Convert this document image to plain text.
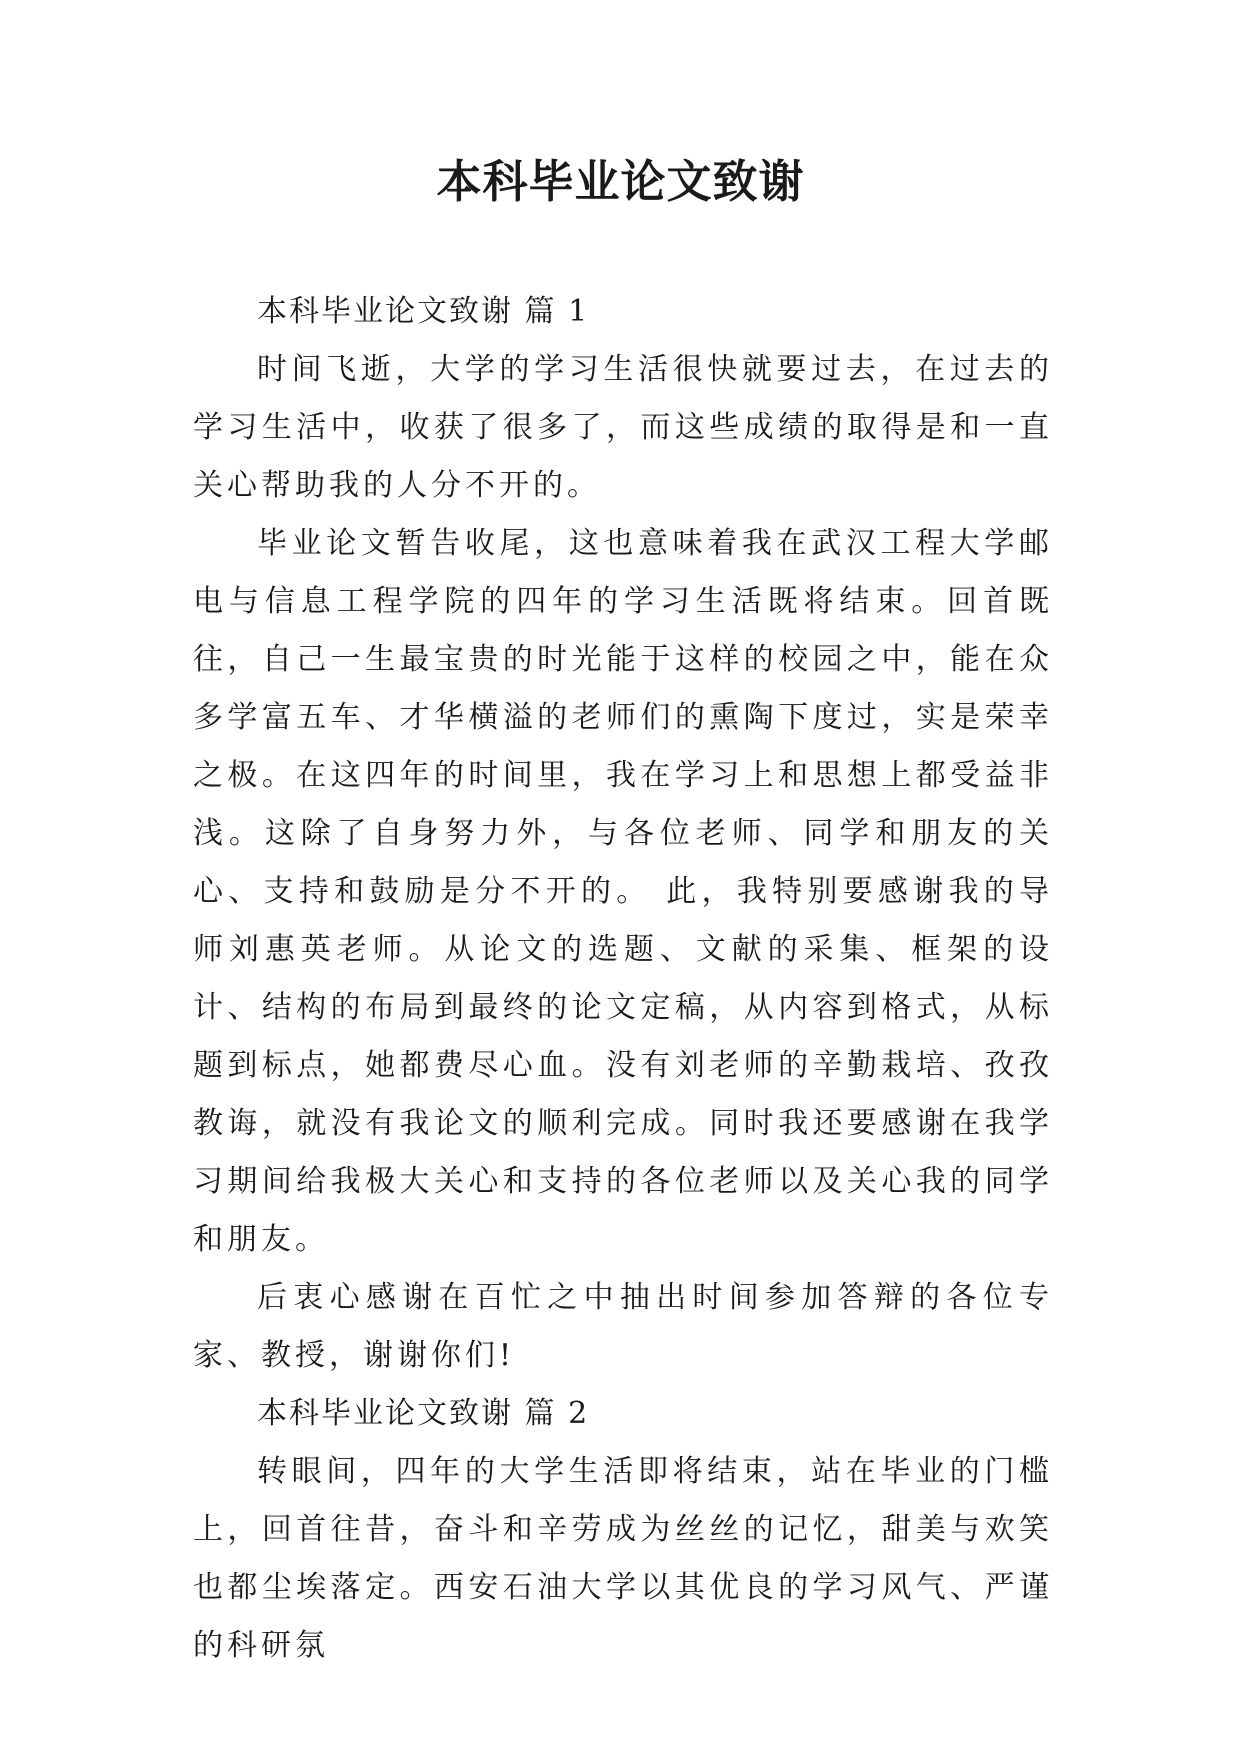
本科毕业论文致谢

本科毕业论文致谢 篇 1

时间飞逝，大学的学习生活很快就要过去，在过去的学习生活中，收获了很多了，而这些成绩的取得是和一直关心帮助我的人分不开的。

毕业论文暂告收尾，这也意味着我在武汉工程大学邮电与信息工程学院的四年的学习生活既将结束。回首既往，自己一生最宝贵的时光能于这样的校园之中，能在众多学富五车、才华横溢的老师们的熏陶下度过，实是荣幸之极。在这四年的时间里，我在学习上和思想上都受益非浅。这除了自身努力外，与各位老师、同学和朋友的关心、支持和鼓励是分不开的。 此，我特别要感谢我的导师刘惠英老师。从论文的选题、文献的采集、框架的设计、结构的布局到最终的论文定稿，从内容到格式，从标题到标点，她都费尽心血。没有刘老师的辛勤栽培、孜孜教诲，就没有我论文的顺利完成。同时我还要感谢在我学习期间给我极大关心和支持的各位老师以及关心我的同学和朋友。

后衷心感谢在百忙之中抽出时间参加答辩的各位专家、教授，谢谢你们!

本科毕业论文致谢 篇 2

转眼间，四年的大学生活即将结束，站在毕业的门槛上，回首往昔，奋斗和辛劳成为丝丝的记忆，甜美与欢笑也都尘埃落定。西安石油大学以其优良的学习风气、严谨的科研氛
